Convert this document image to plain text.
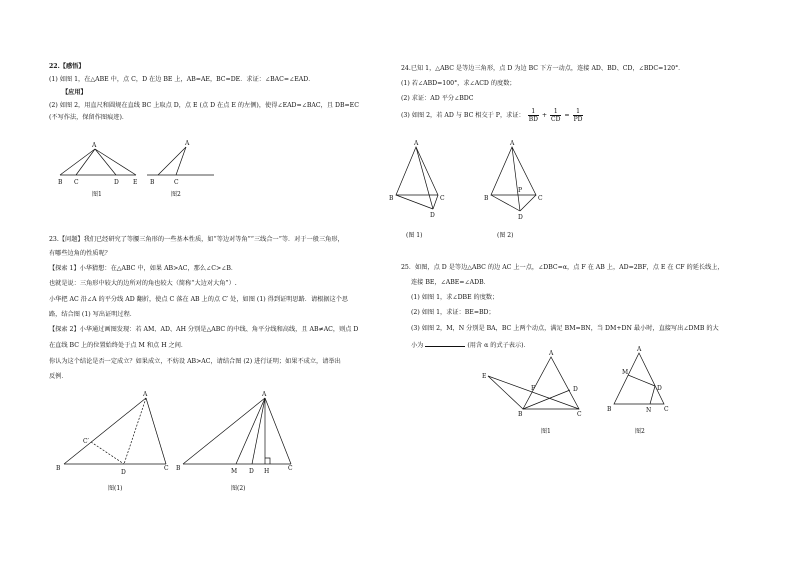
22.【感悟】
(1) 如图 1，在△ABE 中，点 C，D 在边 BE 上，AB=AE，BC=DE．求证：∠BAC=∠EAD．
【应用】
(2) 如图 2，用直尺和圆规在直线 BC 上取点 D，点 E (点 D 在点 E 的左侧)，使得∠EAD=∠BAC，且 DB=EC
(不写作法，保留作图痕迹)．
A
B C	D E
图1
A
B	C
图2
23.【问题】我们已经研究了等腰三角形的一些基本性质，如“等边对等角”“三线合一”等．对于一般三角形，
有哪些边角的性质呢？
【探索 1】小华猜想：在△ABC 中，如果 AB>AC，那么∠C>∠B．
也就是说：三角形中较大的边所对的角也较大（简称“大边对大角”）.
小华把 AC 沿∠A 的平分线 AD 翻折，使点 C 落在 AB 上的点 C′ 处，如图 (1) 得到证明思路．请根据这个思
路，结合图 (1) 写出证明过程．
【探索 2】小华通过画图发现：若 AM、AD、AH 分别是△ABC 的中线、角平分线和高线，且 AB≠AC，则点 D
在直线 BC 上的位置始终处于点 M 和点 H 之间．
你认为这个结论是否一定成立？如果成立，不妨设 AB>AC，请结合图 (2) 进行证明；如果不成立，请举出
反例．
A
B	C
D
C′
图(1)
A
B	C
M D H
图(2)
24.已知 1，△ABC 是等边三角形，点 D 为边 BC 下方一动点，连接 AD、BD、CD，∠BDC=120°．
(1) 若∠ABD=100°，求∠ACD 的度数；
(2) 求证：AD 平分∠BDC
(3) 如图 2，若 AD 与 BC 相交于 P，求证： $\frac{1}{BD} + \frac{1}{CD} = \frac{1}{PD}$
A
B	C
D
(图 1)
A
B	C
P
D
(图 2)
25．如图，点 D 是等边△ABC 的边 AC 上一点，∠DBC=α，点 F 在 AB 上，AD=2BF，点 E 在 CF 的延长线上，
连接 BE，∠ABE=∠ADB．
(1) 如图 1，求∠DBE 的度数；
(2) 如图 1，求证：BE=BD；
(3) 如图 2，M，N 分别是 BA，BC 上两个动点，满足 BM=BN，当 DM+DN 最小时，直接写出∠DMB 的大
小为	(用含 α 的式子表示)．
A
E
F	D
B	C
图1
A
M
D
B	N C
图2
